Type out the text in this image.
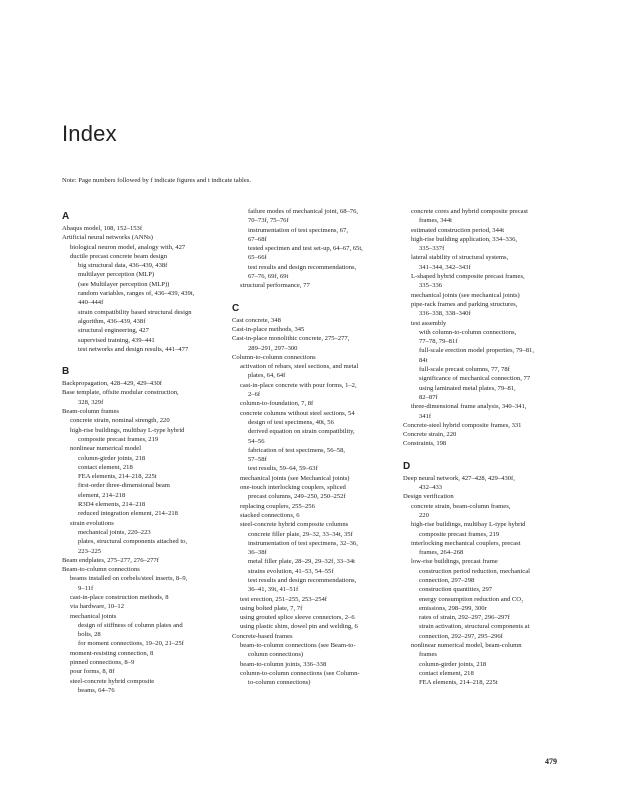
Index
Note: Page numbers followed by f indicate figures and t indicate tables.
A
Abaqus model, 108, 152–153f
Artificial neural networks (ANNs)
biological neuron model, analogy with, 427
ductile precast concrete beam design
big structural data, 436–439, 438f
multilayer perception (MLP)
(see Multilayer perception (MLP))
random variables, ranges of, 436–439, 439t,
440–444f
strain compatibility based structural design
algorithm, 436–439, 438f
structural engineering, 427
supervised training, 439–441
test networks and design results, 441–477
B
Backpropagation, 428–429, 429–430f
Base template, offsite modular construction,
328, 329f
Beam-column frames
concrete strain, nominal strength, 220
high-rise buildings, multibay L-type hybrid
composite precast frames, 219
nonlinear numerical model
column-girder joints, 218
contact element, 218
FEA elements, 214–218, 225t
first-order three-dimensional beam
element, 214–218
R3D4 elements, 214–218
reduced integration element, 214–218
strain evolutions
mechanical joints, 220–223
plates, structural components attached to,
223–225
Beam endplates, 275–277, 276–277f
Beam-to-column connections
beams installed on corbels/steel inserts, 8–9,
9–11f
cast-in-place construction methods, 8
via hardware, 10–12
mechanical joints
design of stiffness of column plates and
bolts, 28
for moment connections, 19–20, 21–25f
moment-resisting connection, 8
pinned connections, 8–9
pour forms, 8, 8f
steel-concrete hybrid composite
beams, 64–76
failure modes of mechanical joint, 68–76,
70–73f, 75–76f
instrumentation of test specimens, 67,
67–68f
tested specimen and test set-up, 64–67, 65t,
65–66f
test results and design recommendations,
67–76, 69f, 69t
structural performance, 77
C
Cast concrete, 348
Cast-in-place methods, 345
Cast-in-place monolithic concrete, 275–277,
289–291, 297–300
Column-to-column connections
activation of rebars, steel sections, and metal
plates, 64, 64f
cast-in-place concrete with pour forms, 1–2,
2–6f
column-to-foundation, 7, 8f
concrete columns without steel sections, 54
design of test specimens, 40t, 56
derived equation on strain compatibility,
54–56
fabrication of test specimens, 56–58,
57–58f
test results, 59–64, 59–63f
mechanical joints (see Mechanical joints)
one-touch interlocking couplers, spliced
precast columns, 249–250, 250–252f
replacing couplers, 255–256
stacked connections, 6
steel-concrete hybrid composite columns
concrete filler plate, 29–32, 33–34t, 35f
instrumentation of test specimens, 32–36,
36–38f
metal filler plate, 28–29, 29–32f, 33–34t
strains evolution, 41–53, 54–55f
test results and design recommendations,
36–41, 39t, 41–51f
test erection, 251–255, 253–254f
using bolted plate, 7, 7f
using grouted splice sleeve connectors, 2–6
using plastic shim, dowel pin and welding, 6
Concrete-based frames
beam-to-column connections (see Beam-to-
column connections)
beam-to-column joints, 336–338
column-to-column connections (see Column-
to-column connections)
concrete cores and hybrid composite precast
frames, 344t
estimated construction period, 344t
high-rise building application, 334–336,
335–337f
lateral stability of structural systems,
341–344, 342–343f
L-shaped hybrid composite precast frames,
335–336
mechanical joints (see mechanical joints)
pipe-rack frames and parking structures,
336–338, 338–340f
test assembly
with column-to-column connections,
77–78, 79–81f
full-scale erection model properties, 79–81,
84t
full-scale precast columns, 77, 78f
significance of mechanical connection, 77
using laminated metal plates, 79–81,
82–87f
three-dimensional frame analysis, 340–341,
341f
Concrete-steel hybrid composite frames, 331
Concrete strain, 220
Constraints, 198
D
Deep neural network, 427–428, 429–430f,
432–433
Design verification
concrete strain, beam-column frames,
220
high-rise buildings, multibay L-type hybrid
composite precast frames, 219
interlocking mechanical couplers, precast
frames, 264–268
low-rise buildings, precast frame
construction period reduction, mechanical
connection, 297–298
construction quantities, 297
energy consumption reduction and CO₂
emissions, 298–299, 300r
rates of strain, 292–297, 296–297f
strain activation, structural components at
connection, 292–297, 295–296f
nonlinear numerical model, beam-column
frames
column-girder joints, 218
contact element, 218
FEA elements, 214–218, 225t
479
